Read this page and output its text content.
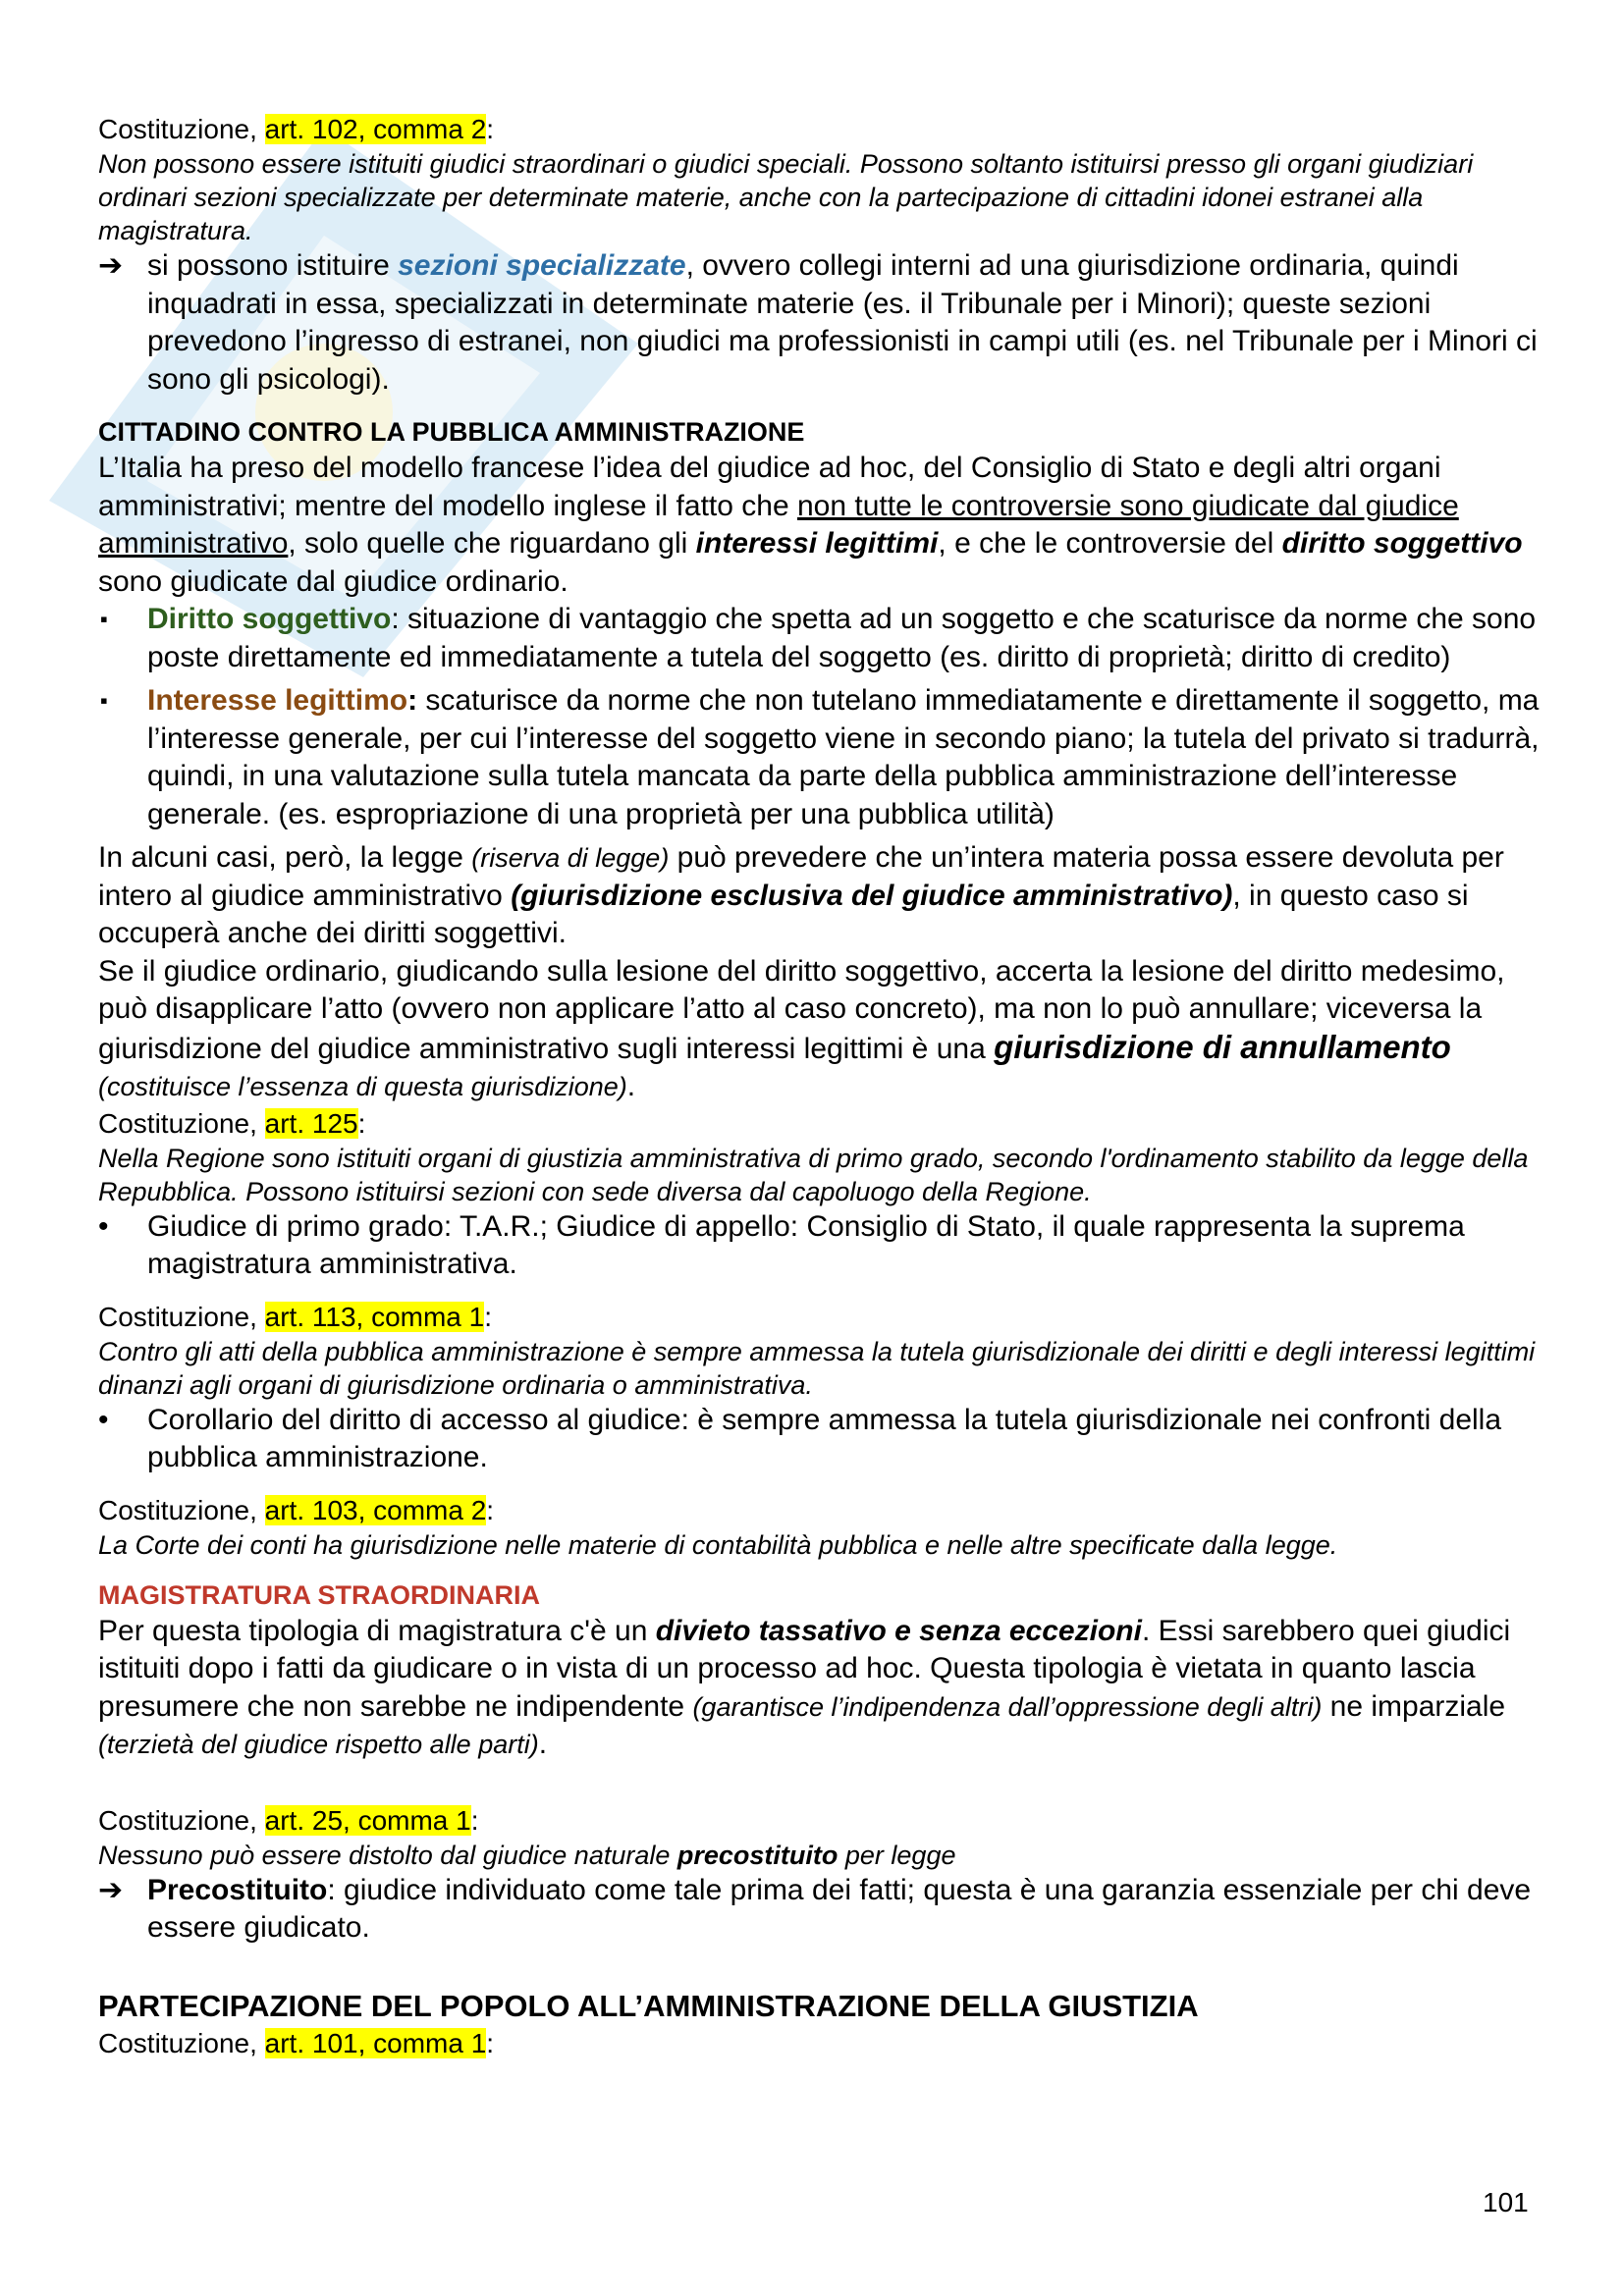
Costituzione, art. 102, comma 2:

Non possono essere istituiti giudici straordinari o giudici speciali. Possono soltanto istituirsi presso gli organi giudiziari ordinari sezioni specializzate per determinate materie, anche con la partecipazione di cittadini idonei estranei alla magistratura.

➔ si possono istituire sezioni specializzate, ovvero collegi interni ad una giurisdizione ordinaria, quindi inquadrati in essa, specializzati in determinate materie (es. il Tribunale per i Minori); queste sezioni prevedono l’ingresso di estranei, non giudici ma professionisti in campi utili (es. nel Tribunale per i Minori ci sono gli psicologi).

CITTADINO CONTRO LA PUBBLICA AMMINISTRAZIONE

L’Italia ha preso del modello francese l’idea del giudice ad hoc, del Consiglio di Stato e degli altri organi amministrativi; mentre del modello inglese il fatto che non tutte le controversie sono giudicate dal giudice amministrativo, solo quelle che riguardano gli interessi legittimi, e che le controversie del diritto soggettivo sono giudicate dal giudice ordinario.

▪	Diritto soggettivo: situazione di vantaggio che spetta ad un soggetto e che scaturisce da norme che sono poste direttamente ed immediatamente a tutela del soggetto (es. diritto di proprietà; diritto di credito)
▪	Interesse legittimo: scaturisce da norme che non tutelano immediatamente e direttamente il soggetto, ma l’interesse generale, per cui l’interesse del soggetto viene in secondo piano; la tutela del privato si tradurrà, quindi, in una valutazione sulla tutela mancata da parte della pubblica amministrazione dell’interesse generale. (es. espropriazione di una proprietà per una pubblica utilità)

In alcuni casi, però, la legge (riserva di legge) può prevedere che un’intera materia possa essere devoluta per intero al giudice amministrativo (giurisdizione esclusiva del giudice amministrativo), in questo caso si occuperà anche dei diritti soggettivi.

Se il giudice ordinario, giudicando sulla lesione del diritto soggettivo, accerta la lesione del diritto medesimo, può disapplicare l’atto (ovvero non applicare l’atto al caso concreto), ma non lo può annullare; viceversa la giurisdizione del giudice amministrativo sugli interessi legittimi è una giurisdizione di annullamento (costituisce l’essenza di questa giurisdizione).

Costituzione, art. 125:

Nella Regione sono istituiti organi di giustizia amministrativa di primo grado, secondo l'ordinamento stabilito da legge della Repubblica. Possono istituirsi sezioni con sede diversa dal capoluogo della Regione.

•	Giudice di primo grado: T.A.R.; Giudice di appello: Consiglio di Stato, il quale rappresenta la suprema magistratura amministrativa.

Costituzione, art. 113, comma 1:

Contro gli atti della pubblica amministrazione è sempre ammessa la tutela giurisdizionale dei diritti e degli interessi legittimi dinanzi agli organi di giurisdizione ordinaria o amministrativa.

•	Corollario del diritto di accesso al giudice: è sempre ammessa la tutela giurisdizionale nei confronti della pubblica amministrazione.

Costituzione, art. 103, comma 2:

La Corte dei conti ha giurisdizione nelle materie di contabilità pubblica e nelle altre specificate dalla legge.

MAGISTRATURA STRAORDINARIA

Per questa tipologia di magistratura c'è un divieto tassativo e senza eccezioni. Essi sarebbero quei giudici istituiti dopo i fatti da giudicare o in vista di un processo ad hoc. Questa tipologia è vietata in quanto lascia presumere che non sarebbe ne indipendente (garantisce l’indipendenza dall’oppressione degli altri) ne imparziale (terzietà del giudice rispetto alle parti).

Costituzione, art. 25, comma 1:

Nessuno può essere distolto dal giudice naturale precostituito per legge

➔ Precostituito: giudice individuato come tale prima dei fatti; questa è una garanzia essenziale per chi deve essere giudicato.

PARTECIPAZIONE DEL POPOLO ALL’AMMINISTRAZIONE DELLA GIUSTIZIA

Costituzione, art. 101, comma 1:

101
